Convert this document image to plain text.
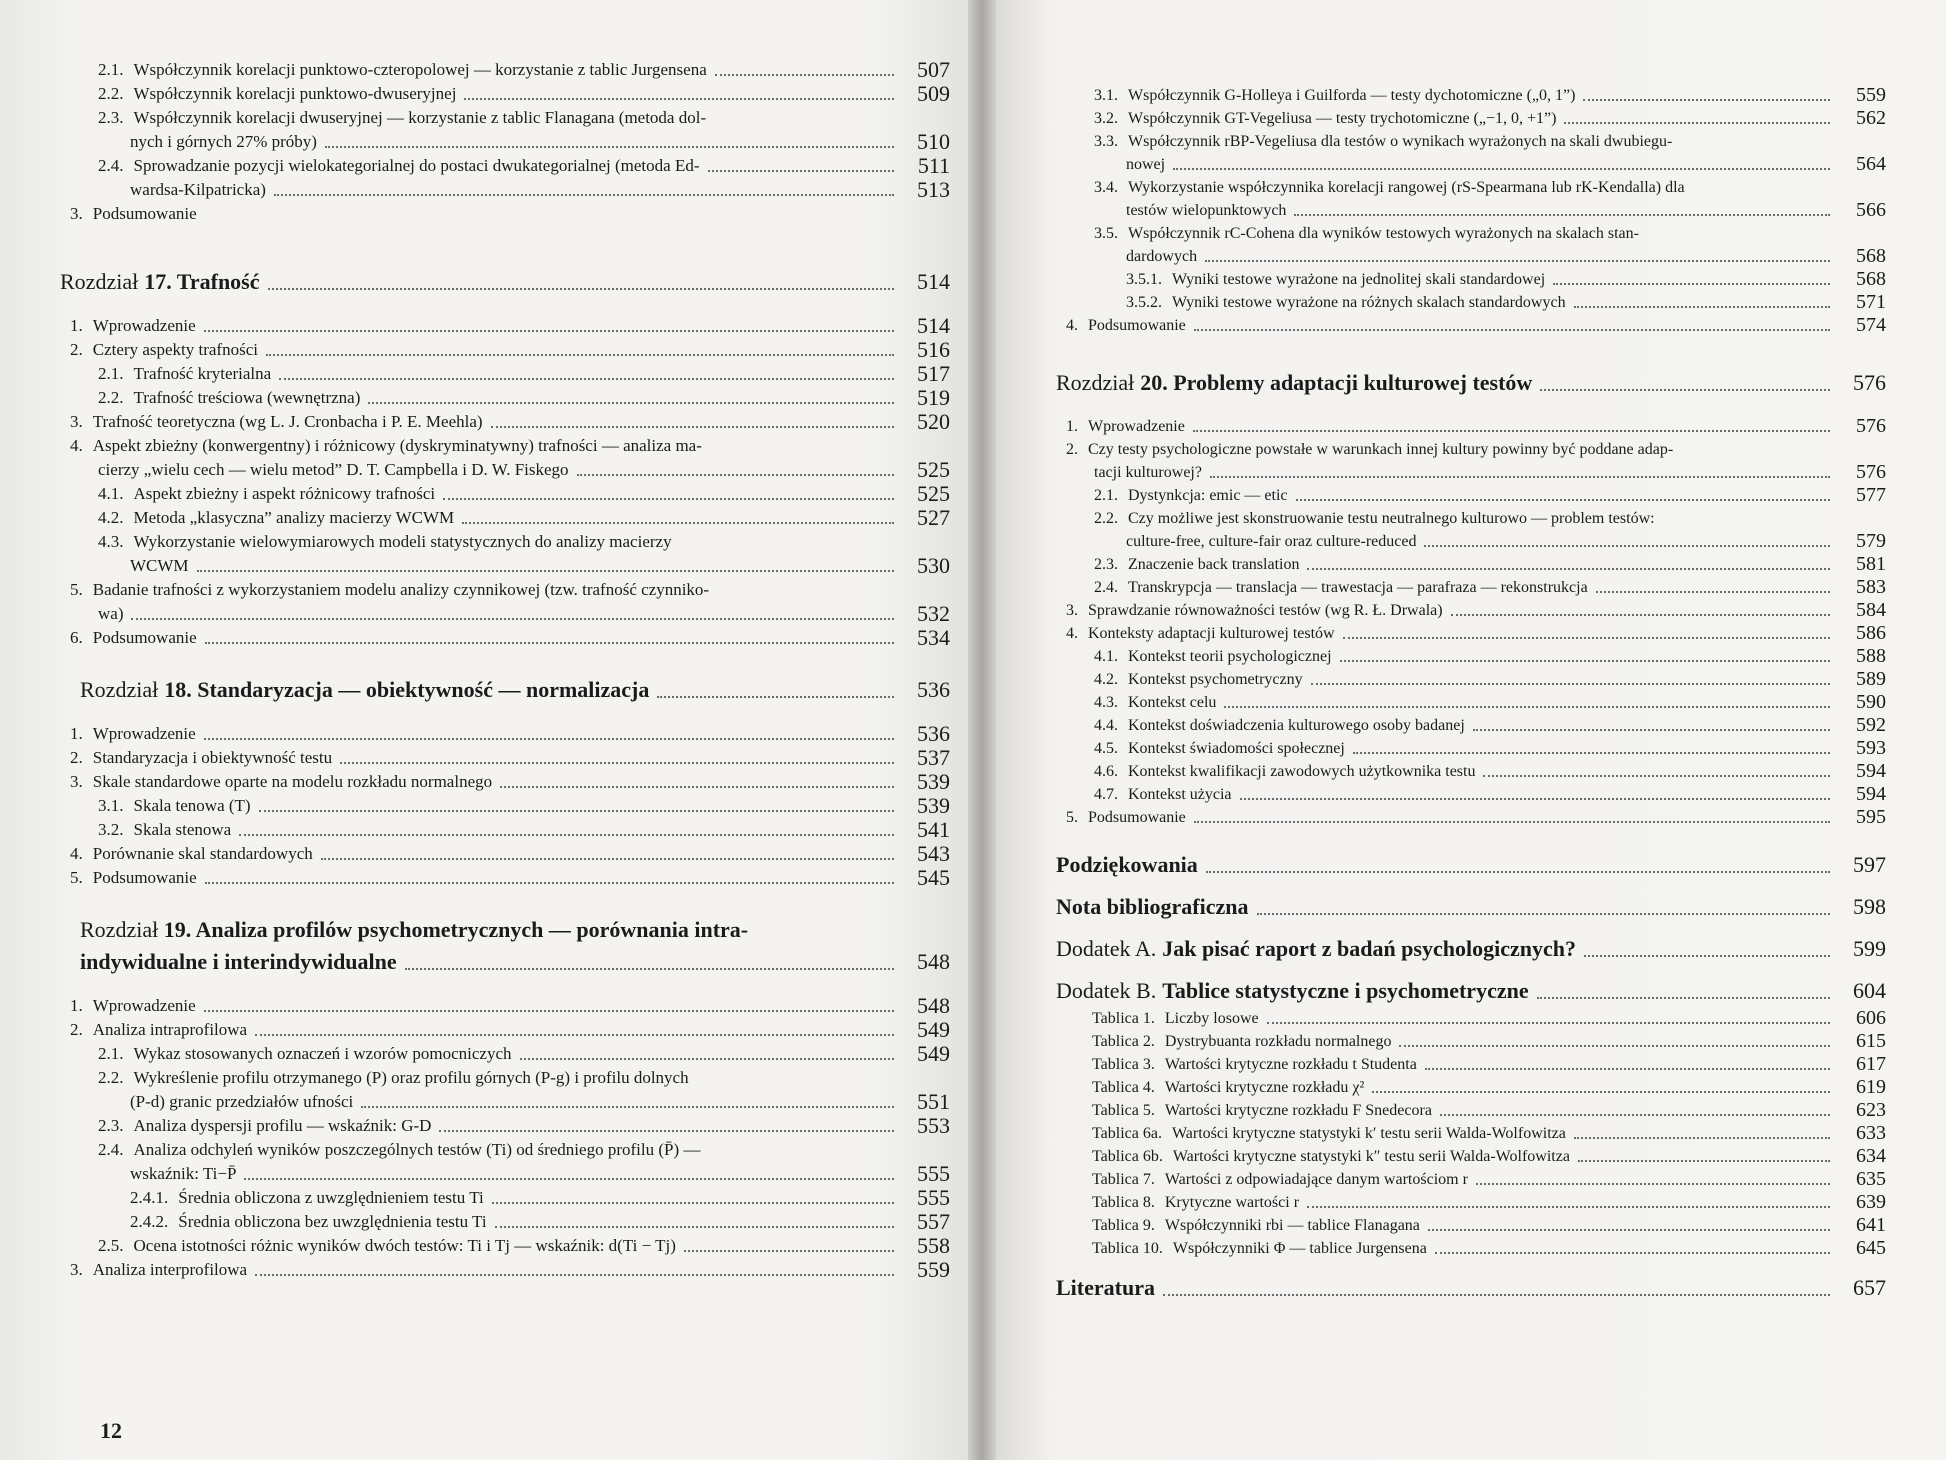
2.1. Współczynnik korelacji punktowo-czteropolowej — korzystanie z tablic Jurgensena	507
2.2. Współczynnik korelacji punktowo-dwuseryjnej	509
2.3. Współczynnik korelacji dwuseryjnej — korzystanie z tablic Flanagana (metoda dol-
nych i górnych 27% próby)	510
2.4. Sprowadzanie pozycji wielokategorialnej do postaci dwukategorialnej (metoda Ed-	511
wardsa-Kilpatricka)	513
3. Podsumowanie
Rozdział 17. Trafność	514
1. Wprowadzenie	514
2. Cztery aspekty trafności	516
2.1. Trafność kryterialna	517
2.2. Trafność treściowa (wewnętrzna)	519
3. Trafność teoretyczna (wg L. J. Cronbacha i P. E. Meehla)	520
4. Aspekt zbieżny (konwergentny) i różnicowy (dyskryminatywny) trafności — analiza ma-
cierzy „wielu cech — wielu metod” D. T. Campbella i D. W. Fiskego	525
4.1. Aspekt zbieżny i aspekt różnicowy trafności	525
4.2. Metoda „klasyczna” analizy macierzy WCWM	527
4.3. Wykorzystanie wielowymiarowych modeli statystycznych do analizy macierzy
WCWM	530
5. Badanie trafności z wykorzystaniem modelu analizy czynnikowej (tzw. trafność czynniko-
wa)	532
6. Podsumowanie	534
Rozdział 18. Standaryzacja — obiektywność — normalizacja	536
1. Wprowadzenie	536
2. Standaryzacja i obiektywność testu	537
3. Skale standardowe oparte na modelu rozkładu normalnego	539
3.1. Skala tenowa (T)	539
3.2. Skala stenowa	541
4. Porównanie skal standardowych	543
5. Podsumowanie	545
Rozdział 19. Analiza profilów psychometrycznych — porównania intra-
indywidualne i interindywidualne	548
1. Wprowadzenie	548
2. Analiza intraprofilowa	549
2.1. Wykaz stosowanych oznaczeń i wzorów pomocniczych	549
2.2. Wykreślenie profilu otrzymanego (P) oraz profilu górnych (P-g) i profilu dolnych
(P-d) granic przedziałów ufności	551
2.3. Analiza dyspersji profilu — wskaźnik: G-D	553
2.4. Analiza odchyleń wyników poszczególnych testów (Ti) od średniego profilu (P̄) —
wskaźnik: Ti−P̄	555
2.4.1. Średnia obliczona z uwzględnieniem testu Ti	555
2.4.2. Średnia obliczona bez uwzględnienia testu Ti	557
2.5. Ocena istotności różnic wyników dwóch testów: Ti i Tj — wskaźnik: d(Ti − Tj)	558
3. Analiza interprofilowa	559
12
3.1. Współczynnik G-Holleya i Guilforda — testy dychotomiczne („0, 1”)	559
3.2. Współczynnik GT-Vegeliusa — testy trychotomiczne („−1, 0, +1”)	562
3.3. Współczynnik rBP-Vegeliusa dla testów o wynikach wyrażonych na skali dwubiegu-
nowej	564
3.4. Wykorzystanie współczynnika korelacji rangowej (rS-Spearmana lub rK-Kendalla) dla
testów wielopunktowych	566
3.5. Współczynnik rC-Cohena dla wyników testowych wyrażonych na skalach stan-
dardowych	568
3.5.1. Wyniki testowe wyrażone na jednolitej skali standardowej	568
3.5.2. Wyniki testowe wyrażone na różnych skalach standardowych	571
4. Podsumowanie	574
Rozdział 20. Problemy adaptacji kulturowej testów	576
1. Wprowadzenie	576
2. Czy testy psychologiczne powstałe w warunkach innej kultury powinny być poddane adap-
tacji kulturowej?	576
2.1. Dystynkcja: emic — etic	577
2.2. Czy możliwe jest skonstruowanie testu neutralnego kulturowo — problem testów:
culture-free, culture-fair oraz culture-reduced	579
2.3. Znaczenie back translation	581
2.4. Transkrypcja — translacja — trawestacja — parafraza — rekonstrukcja	583
3. Sprawdzanie równoważności testów (wg R. Ł. Drwala)	584
4. Konteksty adaptacji kulturowej testów	586
4.1. Kontekst teorii psychologicznej	588
4.2. Kontekst psychometryczny	589
4.3. Kontekst celu	590
4.4. Kontekst doświadczenia kulturowego osoby badanej	592
4.5. Kontekst świadomości społecznej	593
4.6. Kontekst kwalifikacji zawodowych użytkownika testu	594
4.7. Kontekst użycia	594
5. Podsumowanie	595
Podziękowania	597
Nota bibliograficzna	598
Dodatek A. Jak pisać raport z badań psychologicznych?	599
Dodatek B. Tablice statystyczne i psychometryczne	604
Tablica 1. Liczby losowe	606
Tablica 2. Dystrybuanta rozkładu normalnego	615
Tablica 3. Wartości krytyczne rozkładu t Studenta	617
Tablica 4. Wartości krytyczne rozkładu χ²	619
Tablica 5. Wartości krytyczne rozkładu F Snedecora	623
Tablica 6a. Wartości krytyczne statystyki k′ testu serii Walda-Wolfowitza	633
Tablica 6b. Wartości krytyczne statystyki k″ testu serii Walda-Wolfowitza	634
Tablica 7. Wartości z odpowiadające danym wartościom r	635
Tablica 8. Krytyczne wartości r	639
Tablica 9. Współczynniki rbi — tablice Flanagana	641
Tablica 10. Współczynniki Φ — tablice Jurgensena	645
Literatura	657
